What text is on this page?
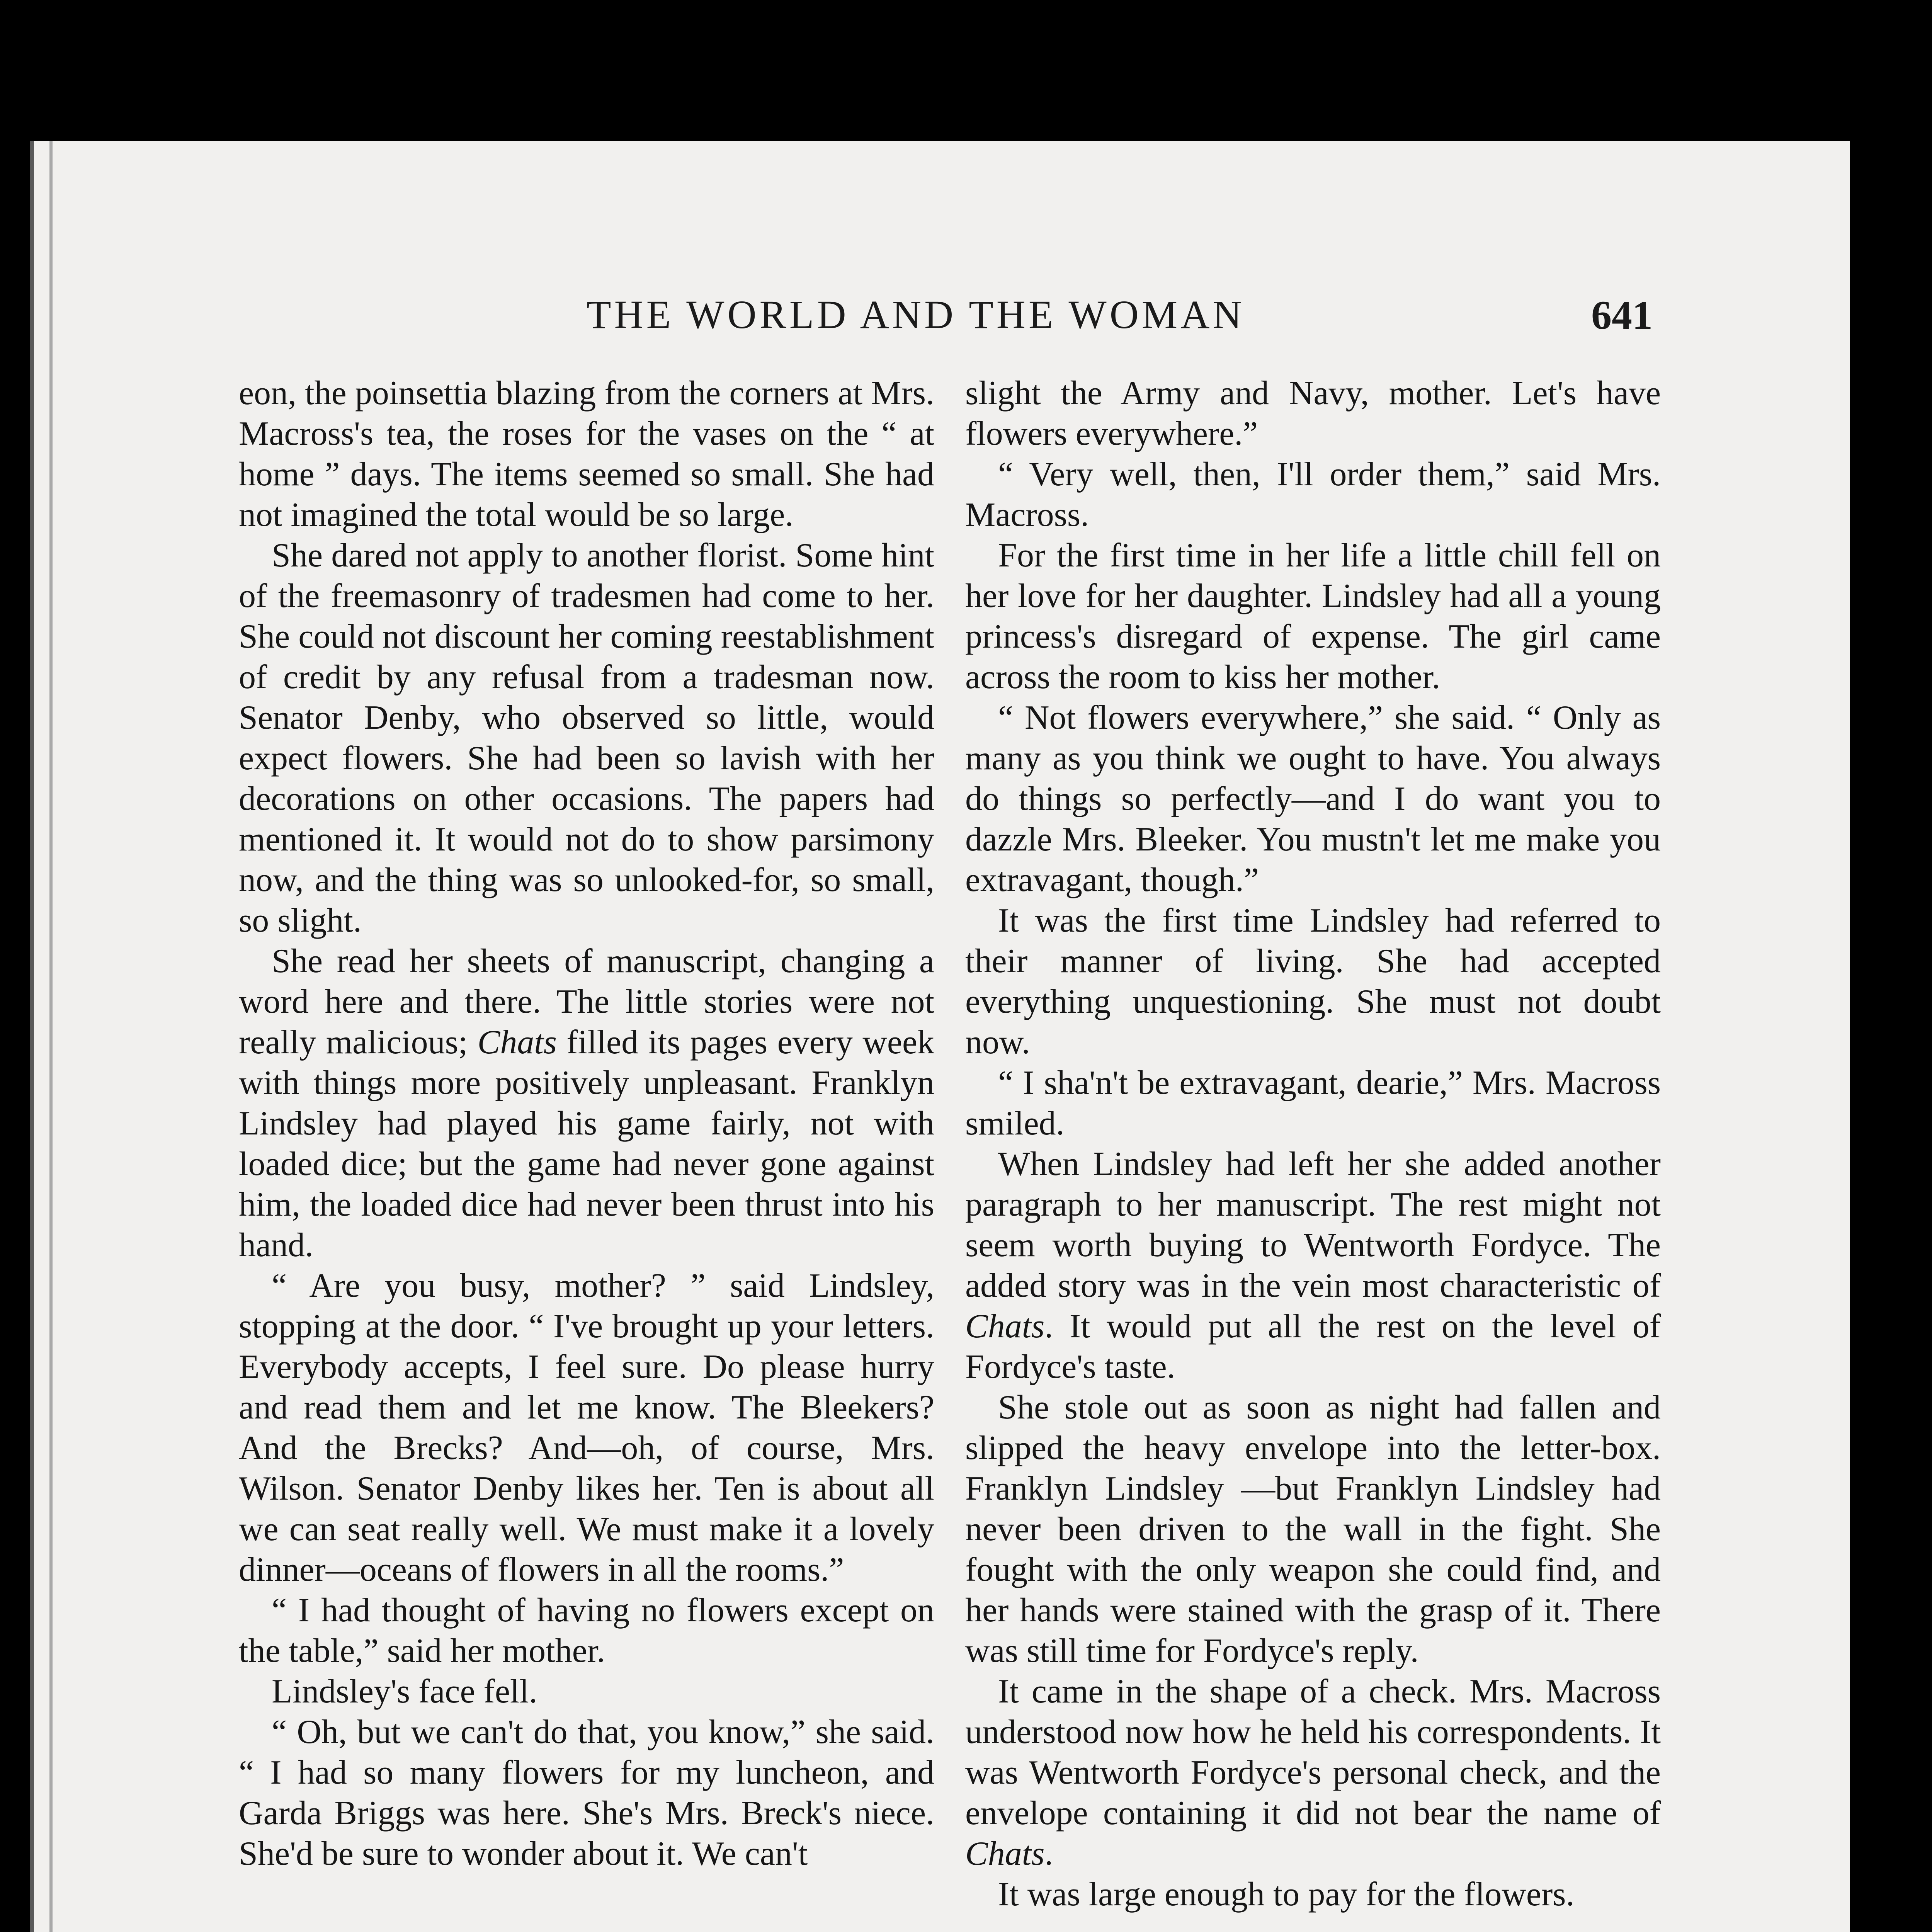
THE WORLD AND THE WOMAN	641

eon, the poinsettia blazing from the corners at Mrs. Macross's tea, the roses for the vases on the “ at home ” days. The items seemed so small. She had not imagined the total would be so large.

She dared not apply to another florist. Some hint of the freemasonry of tradesmen had come to her. She could not discount her coming reestablishment of credit by any refusal from a tradesman now. Senator Denby, who observed so little, would expect flowers. She had been so lavish with her decorations on other occasions. The papers had mentioned it. It would not do to show parsimony now, and the thing was so unlooked-for, so small, so slight.

She read her sheets of manuscript, changing a word here and there. The little stories were not really malicious; Chats filled its pages every week with things more positively unpleasant. Franklyn Lindsley had played his game fairly, not with loaded dice; but the game had never gone against him, the loaded dice had never been thrust into his hand.

“ Are you busy, mother? ” said Lindsley, stopping at the door. “ I've brought up your letters. Everybody accepts, I feel sure. Do please hurry and read them and let me know. The Bleekers? And the Brecks? And—oh, of course, Mrs. Wilson. Senator Denby likes her. Ten is about all we can seat really well. We must make it a lovely dinner—oceans of flowers in all the rooms.”

“ I had thought of having no flowers except on the table,” said her mother.

Lindsley's face fell.

“ Oh, but we can't do that, you know,” she said. “ I had so many flowers for my luncheon, and Garda Briggs was here. She's Mrs. Breck's niece. She'd be sure to wonder about it. We can't

slight the Army and Navy, mother. Let's have flowers everywhere.”

“ Very well, then, I'll order them,” said Mrs. Macross.

For the first time in her life a little chill fell on her love for her daughter. Lindsley had all a young princess's disregard of expense. The girl came across the room to kiss her mother.

“ Not flowers everywhere,” she said. “ Only as many as you think we ought to have. You always do things so perfectly—and I do want you to dazzle Mrs. Bleeker. You mustn't let me make you extravagant, though.”

It was the first time Lindsley had referred to their manner of living. She had accepted everything unquestioning. She must not doubt now.

“ I sha'n't be extravagant, dearie,” Mrs. Macross smiled.

When Lindsley had left her she added another paragraph to her manuscript. The rest might not seem worth buying to Wentworth Fordyce. The added story was in the vein most characteristic of Chats. It would put all the rest on the level of Fordyce's taste.

She stole out as soon as night had fallen and slipped the heavy envelope into the letter-box. Franklyn Lindsley —but Franklyn Lindsley had never been driven to the wall in the fight. She fought with the only weapon she could find, and her hands were stained with the grasp of it. There was still time for Fordyce's reply.

It came in the shape of a check. Mrs. Macross understood now how he held his correspondents. It was Wentworth Fordyce's personal check, and the envelope containing it did not bear the name of Chats.

It was large enough to pay for the flowers.
